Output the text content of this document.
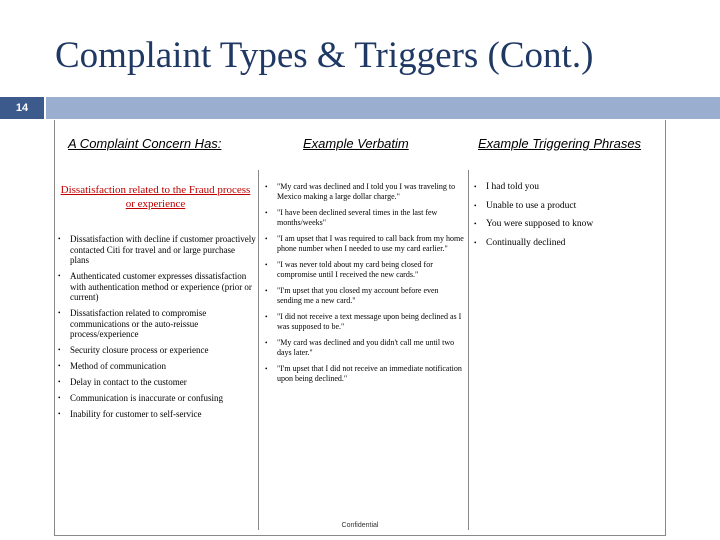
Complaint Types & Triggers (Cont.)
14
A Complaint Concern Has:	Example Verbatim	Example Triggering Phrases
Dissatisfaction related to the Fraud process or experience
• Dissatisfaction with decline if customer proactively contacted Citi for travel and or large purchase plans
• Authenticated customer expresses dissatisfaction with authentication method or experience (prior or current)
• Dissatisfaction related to compromise communications or the auto-reissue process/experience
• Security closure process or experience
• Method of communication
• Delay in contact to the customer
• Communication is inaccurate or confusing
• Inability for customer to self-service
• "My card was declined and I told you I was traveling to Mexico making a large dollar charge."
• "I have been declined several times in the last few months/weeks"
• "I am upset that I was required to call back from my home phone number when I needed to use my card earlier."
• "I was never told about my card being closed for compromise until I received the new cards."
• "I'm upset that you closed my account before even sending me a new card."
• "I did not receive a text message upon being declined as I was supposed to be."
• "My card was declined and you didn't call me until two days later."
• "I'm upset that I did not receive an immediate notification upon being declined."
• I had told you
• Unable to use a product
• You were supposed to know
• Continually declined
Confidential
